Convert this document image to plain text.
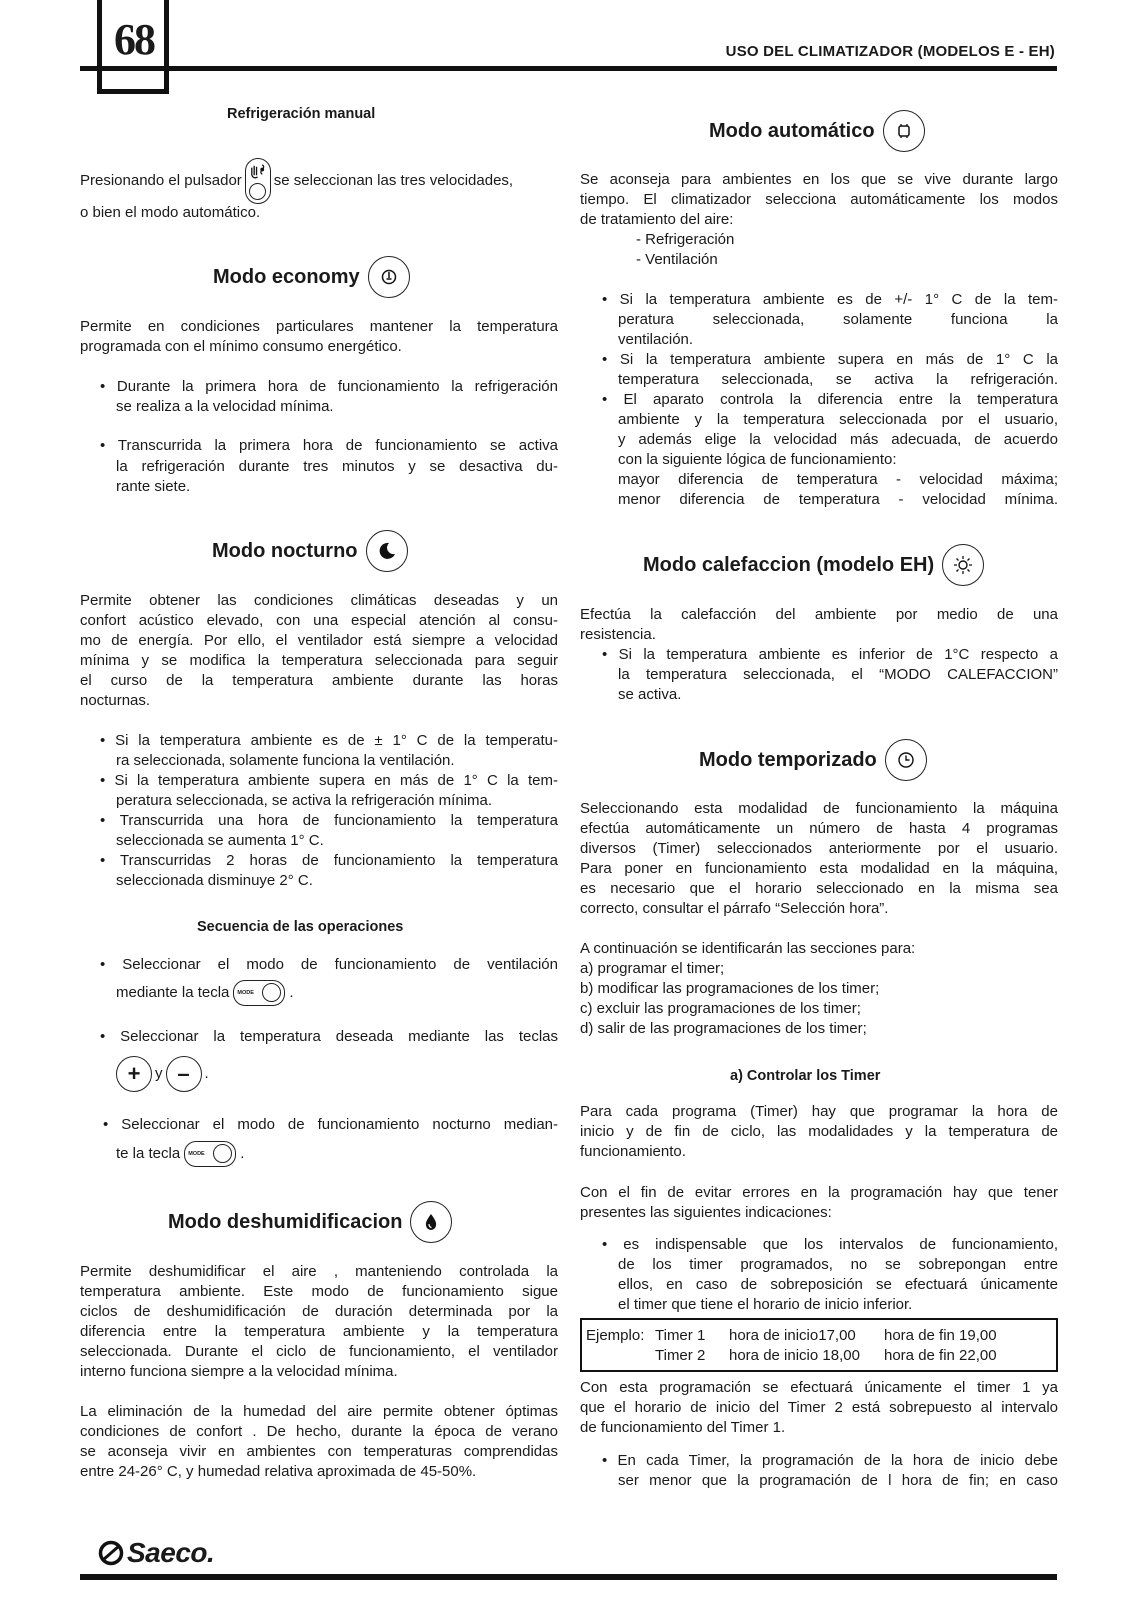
68	USO DEL CLIMATIZADOR (MODELOS E - EH)
Saeco.
Refrigeración manual
Presionando el pulsador se seleccionan las tres velocidades,
o bien el modo automático.
Modo economy
Permite en condiciones particulares mantener la temperatura
programada con el mínimo consumo energético.
• Durante la primera hora de funcionamiento la refrigeración
se realiza a la velocidad mínima.
• Transcurrida la primera hora de funcionamiento se activa
la refrigeración durante tres minutos y se desactiva du-
rante siete.
Modo nocturno
Permite obtener las condiciones climáticas deseadas y un
confort acústico elevado, con una especial atención al consu-
mo de energía. Por ello, el ventilador está siempre a velocidad
mínima y se modifica la temperatura seleccionada para seguir
el curso de la temperatura ambiente durante las horas
nocturnas.
• Si la temperatura ambiente es de ± 1° C de la temperatu-
ra seleccionada, solamente funciona la ventilación.
• Si la temperatura ambiente supera en más de 1° C la tem-
peratura seleccionada, se activa la refrigeración mínima.
• Transcurrida una hora de funcionamiento la temperatura
seleccionada se aumenta 1° C.
• Transcurridas 2 horas de funcionamiento la temperatura
seleccionada disminuye 2° C.
Secuencia de las operaciones
• Seleccionar el modo de funcionamiento de ventilación
mediante la tecla MODE .
• Seleccionar la temperatura deseada mediante las teclas
+ y – .
• Seleccionar el modo de funcionamiento nocturno median-
te la tecla MODE .
Modo deshumidificacion
Permite deshumidificar el aire , manteniendo controlada la
temperatura ambiente. Este modo de funcionamiento sigue
ciclos de deshumidificación de duración determinada por la
diferencia entre la temperatura ambiente y la temperatura
seleccionada. Durante el ciclo de funcionamiento, el ventilador
interno funciona siempre a la velocidad mínima.
La eliminación de la humedad del aire permite obtener óptimas
condiciones de confort . De hecho, durante la época de verano
se aconseja vivir en ambientes con temperaturas comprendidas
entre 24-26° C, y humedad relativa aproximada de 45-50%.
Modo automático
Se aconseja para ambientes en los que se vive durante largo
tiempo. El climatizador selecciona automáticamente los modos
de tratamiento del aire:
- Refrigeración
- Ventilación
• Si la temperatura ambiente es de +/- 1° C de la tem-
peratura seleccionada, solamente funciona la
ventilación.
• Si la temperatura ambiente supera en más de 1° C la
temperatura seleccionada, se activa la refrigeración.
• El aparato controla la diferencia entre la temperatura
ambiente y la temperatura seleccionada por el usuario,
y además elige la velocidad más adecuada, de acuerdo
con la siguiente lógica de funcionamiento:
mayor diferencia de temperatura - velocidad máxima;
menor diferencia de temperatura - velocidad mínima.
Modo calefaccion (modelo EH)
Efectúa la calefacción del ambiente por medio de una
resistencia.
• Si la temperatura ambiente es inferior de 1°C respecto a
la temperatura seleccionada, el “MODO CALEFACCION”
se activa.
Modo temporizado
Seleccionando esta modalidad de funcionamiento la máquina
efectúa automáticamente un número de hasta 4 programas
diversos (Timer) seleccionados anteriormente por el usuario.
Para poner en funcionamiento esta modalidad en la máquina,
es necesario que el horario seleccionado en la misma sea
correcto, consultar el párrafo “Selección hora”.
A continuación se identificarán las secciones para:
a) programar el timer;
b) modificar las programaciones de los timer;
c) excluir las programaciones de los timer;
d) salir de las programaciones de los timer;
a) Controlar los Timer
Para cada programa (Timer) hay que programar la hora de
inicio y de fin de ciclo, las modalidades y la temperatura de
funcionamiento.
Con el fin de evitar errores en la programación hay que tener
presentes las siguientes indicaciones:
• es indispensable que los intervalos de funcionamiento,
de los timer programados, no se sobrepongan entre
ellos, en caso de sobreposición se efectuará únicamente
el timer que tiene el horario de inicio inferior.
Ejemplo: Timer 1 hora de inicio17,00 hora de fin 19,00
Timer 2 hora de inicio 18,00 hora de fin 22,00
Con esta programación se efectuará únicamente el timer 1 ya
que el horario de inicio del Timer 2 está sobrepuesto al intervalo
de funcionamiento del Timer 1.
• En cada Timer, la programación de la hora de inicio debe
ser menor que la programación de l hora de fin; en caso
